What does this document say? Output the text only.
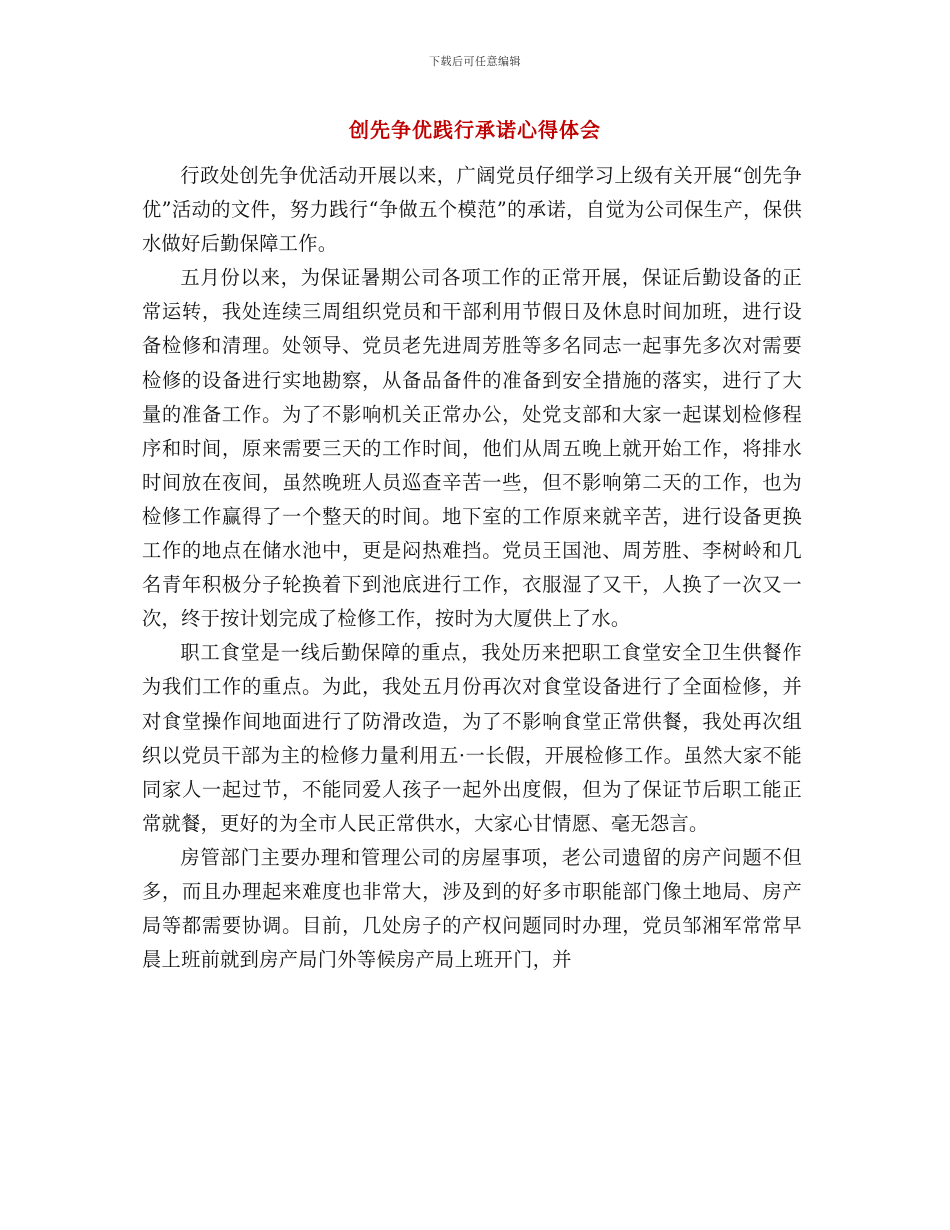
下载后可任意编辑
创先争优践行承诺心得体会

行政处创先争优活动开展以来，广阔党员仔细学习上级有关开展“创先争优”活动的文件，努力践行“争做五个模范”的承诺，自觉为公司保生产，保供水做好后勤保障工作。

五月份以来，为保证暑期公司各项工作的正常开展，保证后勤设备的正常运转，我处连续三周组织党员和干部利用节假日及休息时间加班，进行设备检修和清理。处领导、党员老先进周芳胜等多名同志一起事先多次对需要检修的设备进行实地勘察，从备品备件的准备到安全措施的落实，进行了大量的准备工作。为了不影响机关正常办公，处党支部和大家一起谋划检修程序和时间，原来需要三天的工作时间，他们从周五晚上就开始工作，将排水时间放在夜间，虽然晚班人员巡查辛苦一些，但不影响第二天的工作，也为检修工作赢得了一个整天的时间。地下室的工作原来就辛苦，进行设备更换工作的地点在储水池中，更是闷热难挡。党员王国池、周芳胜、李树岭和几名青年积极分子轮换着下到池底进行工作，衣服湿了又干，人换了一次又一次，终于按计划完成了检修工作，按时为大厦供上了水。

职工食堂是一线后勤保障的重点，我处历来把职工食堂安全卫生供餐作为我们工作的重点。为此，我处五月份再次对食堂设备进行了全面检修，并对食堂操作间地面进行了防滑改造，为了不影响食堂正常供餐，我处再次组织以党员干部为主的检修力量利用五·一长假，开展检修工作。虽然大家不能同家人一起过节，不能同爱人孩子一起外出度假，但为了保证节后职工能正常就餐，更好的为全市人民正常供水，大家心甘情愿、毫无怨言。

房管部门主要办理和管理公司的房屋事项，老公司遗留的房产问题不但多，而且办理起来难度也非常大，涉及到的好多市职能部门像土地局、房产局等都需要协调。目前，几处房子的产权问题同时办理，党员邹湘军常常早晨上班前就到房产局门外等候房产局上班开门，并
